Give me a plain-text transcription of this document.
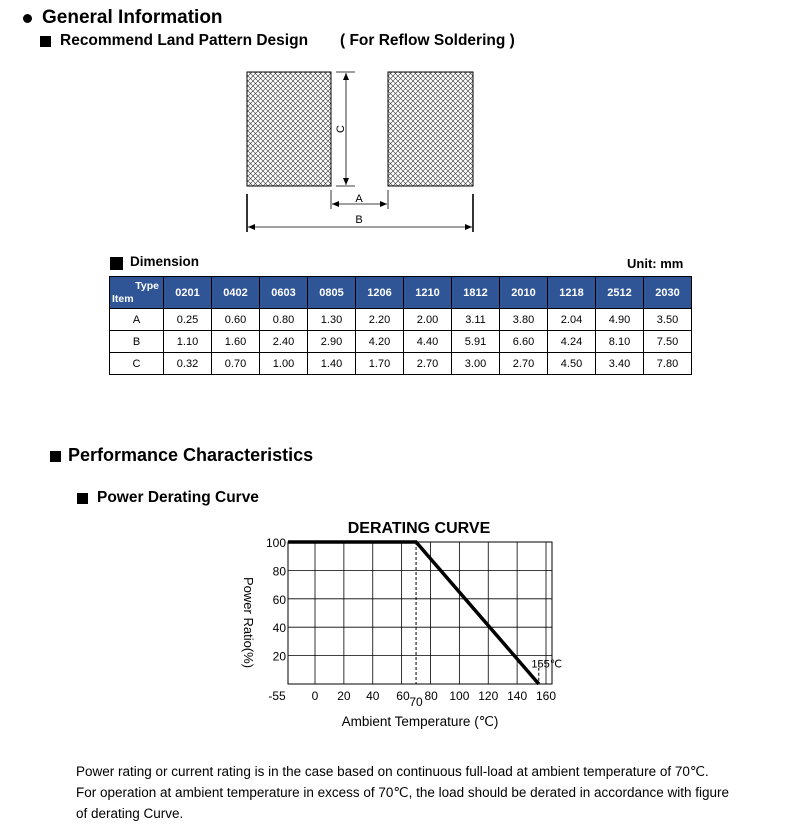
General Information
Recommend Land Pattern Design ( For Reflow Soldering )
C
A
B
Dimension	Unit: mm
Type
Item	0201	0402	0603	0805	1206	1210	1812	2010	1218	2512	2030
A	0.25	0.60	0.80	1.30	2.20	2.00	3.11	3.80	2.04	4.90	3.50
B	1.10	1.60	2.40	2.90	4.20	4.40	5.91	6.60	4.24	8.10	7.50
C	0.32	0.70	1.00	1.40	1.70	2.70	3.00	2.70	4.50	3.40	7.80
Performance Characteristics
Power Derating Curve
DERATING CURVE
100
80
60
40
20
-55 0 20 40 60 70 80 100 120 140 160
Power Ratio(%)
Ambient Temperature (℃)
155℃
Power rating or current rating is in the case based on continuous full-load at ambient temperature of 70℃.
For operation at ambient temperature in excess of 70℃, the load should be derated in accordance with figure
of derating Curve.
